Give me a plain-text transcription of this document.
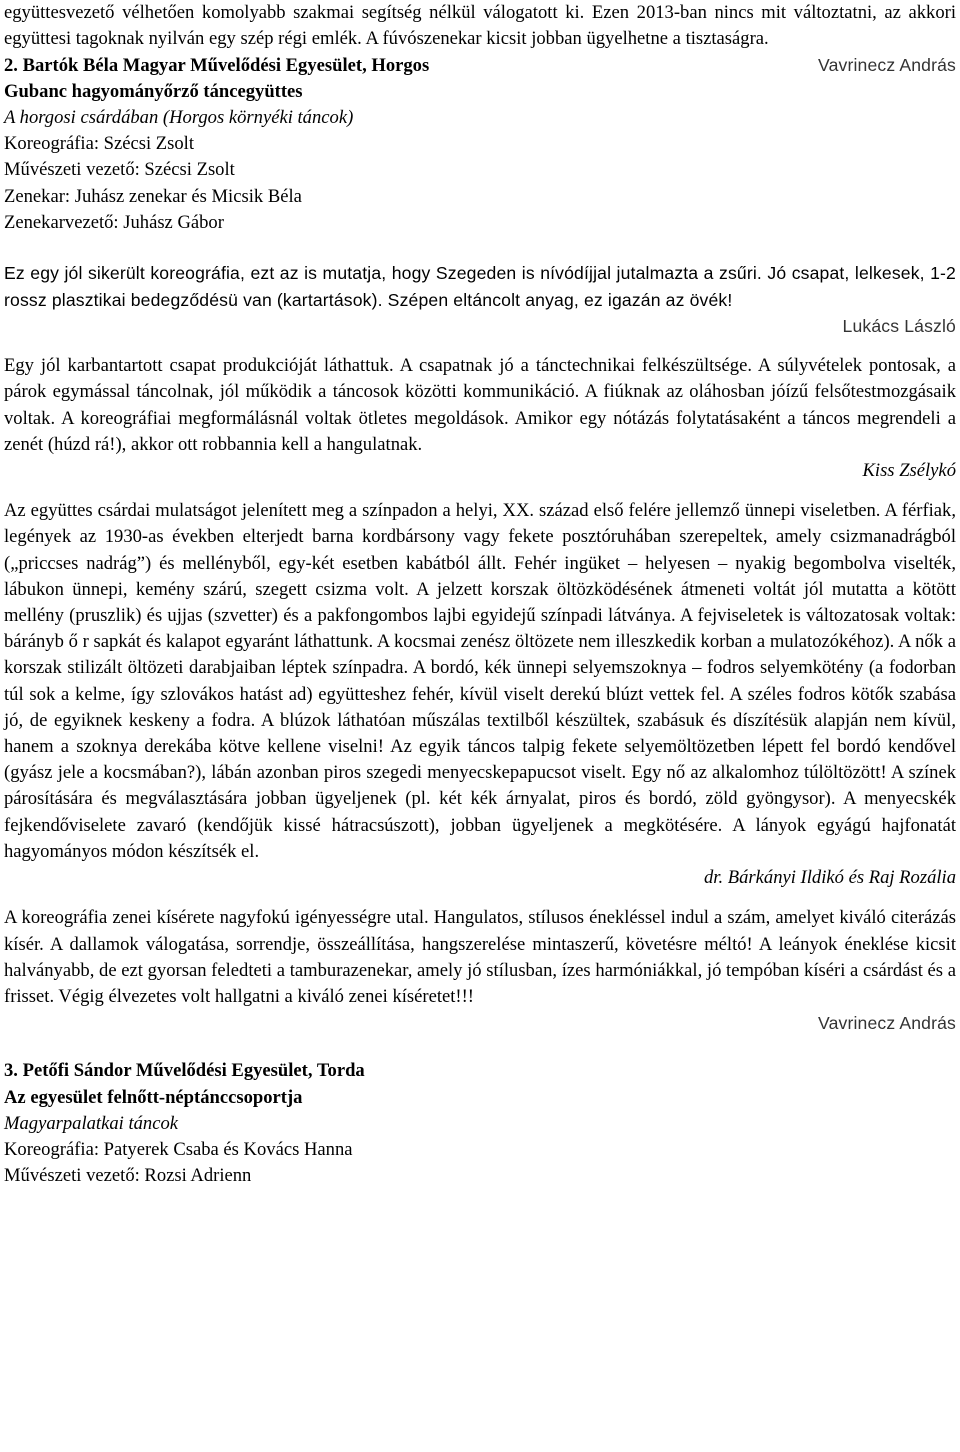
együttesvezető vélhetően komolyabb szakmai segítség nélkül válogatott ki. Ezen 2013-ban nincs mit változtatni, az akkori együttesi tagoknak nyilván egy szép régi emlék. A fúvószenekar kicsit jobban ügyelhetne a tisztaságra.

Vavrinecz András

2. Bartók Béla Magyar Művelődési Egyesület, Horgos

Gubanc hagyományőrző táncegyüttes

A horgosi csárdában (Horgos környéki táncok)

Koreográfia: Szécsi Zsolt

Művészeti vezető: Szécsi Zsolt

Zenekar: Juhász zenekar és Micsik Béla

Zenekarvezető: Juhász Gábor

Ez egy jól sikerült koreográfia, ezt az is mutatja, hogy Szegeden is nívódíjjal jutalmazta a zsűri. Jó csapat, lelkesek, 1-2 rossz plasztikai bedegződésü van (kartartások). Szépen eltáncolt anyag, ez igazán az övék!

Lukács László

Egy jól karbantartott csapat produkcióját láthattuk. A csapatnak jó a tánctechnikai felkészültsége. A súlyvételek pontosak, a párok egymással táncolnak, jól működik a táncosok közötti kommunikáció. A fiúknak az oláhosban jóízű felsőtestmozgásaik voltak. A koreográfiai megformálásnál voltak ötletes megoldások. Amikor egy nótázás folytatásaként a táncos megrendeli a zenét (húzd rá!), akkor ott robbannia kell a hangulatnak.

Kiss Zsélykó

Az együttes csárdai mulatságot jelenített meg a színpadon a helyi, XX. század első felére jellemző ünnepi viseletben. A férfiak, legények az 1930-as években elterjedt barna kordbársony vagy fekete posztóruhában szerepeltek, amely csizmanadrágból („priccses nadrág”) és mellényből, egy-két esetben kabátból állt. Fehér ingüket – helyesen – nyakig begombolva viselték, lábukon ünnepi, kemény szárú, szegett csizma volt. A jelzett korszak öltözködésének átmeneti voltát jól mutatta a kötött mellény (pruszlik) és ujjas (szvetter) és a pakfongombos lajbi egyidejű színpadi látványa. A fejviseletek is változatosak voltak: bárányb ő r sapkát és kalapot egyaránt láthattunk. A kocsmai zenész öltözete nem illeszkedik korban a mulatozókéhoz). A nők a korszak stilizált öltözeti darabjaiban léptek színpadra. A bordó, kék ünnepi selyemszoknya – fodros selyemkötény (a fodorban túl sok a kelme, így szlovákos hatást ad) együtteshez fehér, kívül viselt derekú blúzt vettek fel. A széles fodros kötők szabása jó, de egyiknek keskeny a fodra. A blúzok láthatóan műszálas textilből készültek, szabásuk és díszítésük alapján nem kívül, hanem a szoknya derekába kötve kellene viselni! Az egyik táncos talpig fekete selyemöltözetben lépett fel bordó kendővel (gyász jele a kocsmában?), lábán azonban piros szegedi menyecskepapucsot viselt. Egy nő az alkalomhoz túlöltözött! A színek párosítására és megválasztására jobban ügyeljenek (pl. két kék árnyalat, piros és bordó, zöld gyöngysor). A menyecskék fejkendőviselete zavaró (kendőjük kissé hátracsúszott), jobban ügyeljenek a megkötésére. A lányok egyágú hajfonatát hagyományos módon készítsék el.

dr. Bárkányi Ildikó és Raj Rozália

A koreográfia zenei kísérete nagyfokú igényességre utal. Hangulatos, stílusos énekléssel indul a szám, amelyet kiváló citerázás kísér. A dallamok válogatása, sorrendje, összeállítása, hangszerelése mintaszerű, követésre méltó! A leányok éneklése kicsit halványabb, de ezt gyorsan feledteti a tamburazenekar, amely jó stílusban, ízes harmóniákkal, jó tempóban kíséri a csárdást és a frisset. Végig élvezetes volt hallgatni a kiváló zenei kíséretet!!!

Vavrinecz András

3. Petőfi Sándor Művelődési Egyesület, Torda

Az egyesület felnőtt-néptánccsoportja

Magyarpalatkai táncok

Koreográfia: Patyerek Csaba és Kovács Hanna

Művészeti vezető: Rozsi Adrienn
